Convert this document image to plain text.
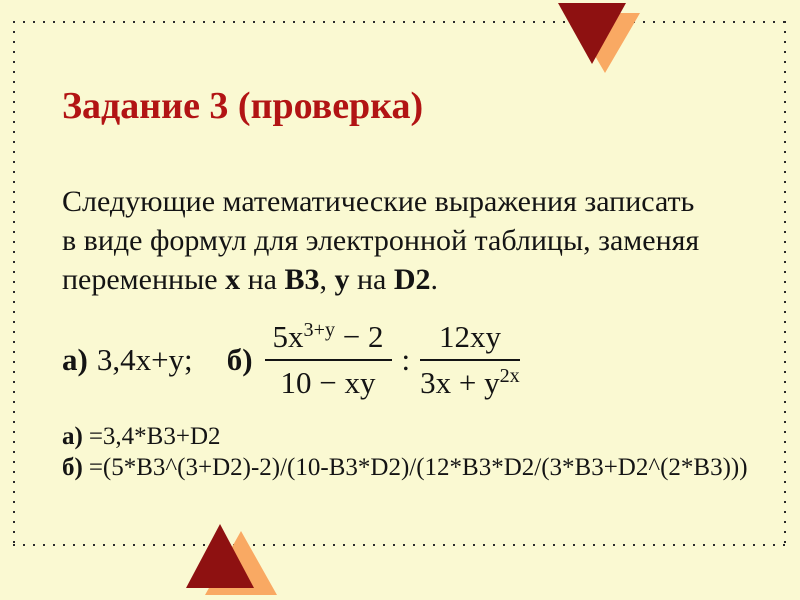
Задание 3 (проверка)
Следующие математические выражения записать
в виде формул для электронной таблицы, заменяя
переменные x на B3, y на D2.
а) 3,4x+y; $б) \frac{5x^{3+y} - 2}{10 - xy}$ : $\frac{12xy}{3x + y^{2x}}$
а) =3,4*B3+D2
б) =(5*B3^(3+D2)-2)/(10-B3*D2)/(12*B3*D2/(3*B3+D2^(2*B3)))
